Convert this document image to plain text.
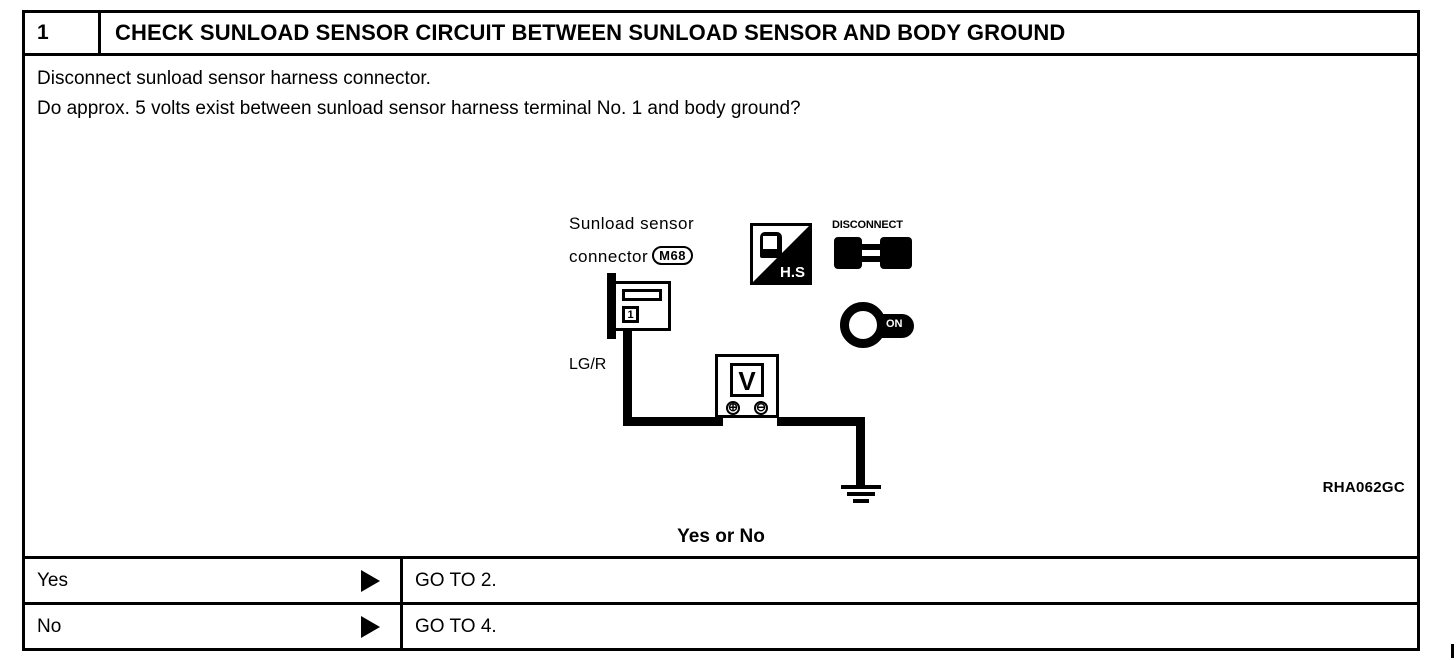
1	CHECK SUNLOAD SENSOR CIRCUIT BETWEEN SUNLOAD SENSOR AND BODY GROUND
Disconnect sunload sensor harness connector.
Do approx. 5 volts exist between sunload sensor harness terminal No. 1 and body ground?
Sunload sensor
connector M68
1
LG/R
V
⊕ ⊖
H.S
DISCONNECT
ON
RHA062GC
Yes or No
Yes	GO TO 2.
No	GO TO 4.
